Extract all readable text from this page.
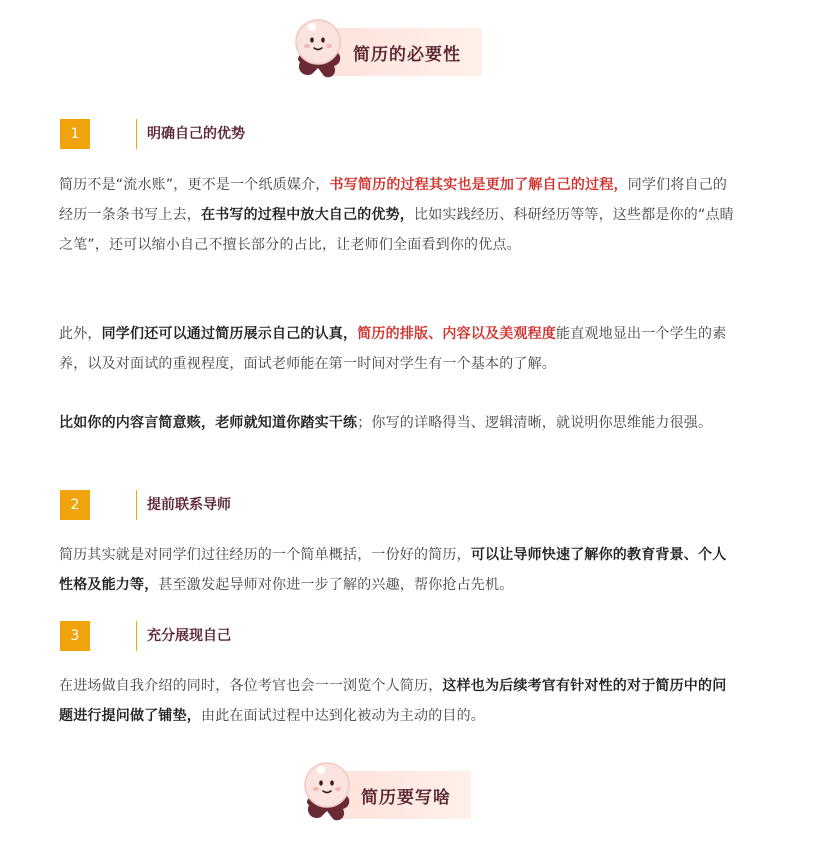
简历的必要性
1	明确自己的优势
简历不是“流水账”，更不是一个纸质媒介，书写简历的过程其实也是更加了解自己的过程，同学们将自己的经历一条条书写上去，在书写的过程中放大自己的优势，比如实践经历、科研经历等等，这些都是你的“点睛之笔”，还可以缩小自己不擅长部分的占比，让老师们全面看到你的优点。
此外，同学们还可以通过简历展示自己的认真，简历的排版、内容以及美观程度能直观地显出一个学生的素养，以及对面试的重视程度，面试老师能在第一时间对学生有一个基本的了解。
比如你的内容言简意赅，老师就知道你踏实干练；你写的详略得当、逻辑清晰，就说明你思维能力很强。
2	提前联系导师
简历其实就是对同学们过往经历的一个简单概括，一份好的简历，可以让导师快速了解你的教育背景、个人性格及能力等，甚至激发起导师对你进一步了解的兴趣，帮你抢占先机。
3	充分展现自己
在进场做自我介绍的同时，各位考官也会一一浏览个人简历，这样也为后续考官有针对性的对于简历中的问题进行提问做了铺垫，由此在面试过程中达到化被动为主动的目的。
简历要写啥
